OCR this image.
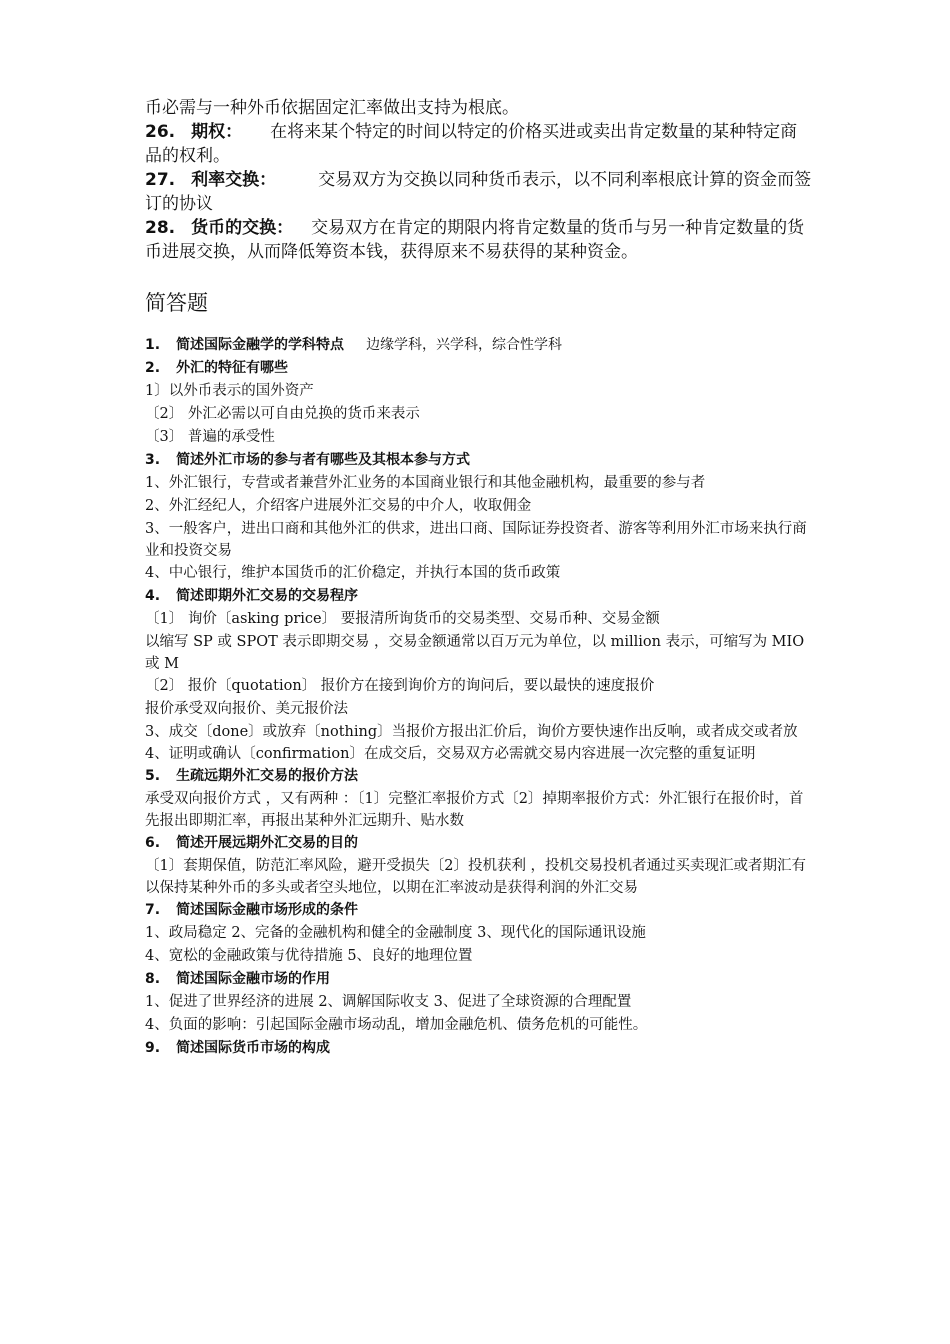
币必需与一种外币依据固定汇率做出支持为根底。

26. 期权： 在将来某个特定的时间以特定的价格买进或卖出肯定数量的某种特定商品的权利。

27. 利率交换： 交易双方为交换以同种货币表示，以不同利率根底计算的资金而签订的协议

28. 货币的交换： 交易双方在肯定的期限内将肯定数量的货币与另一种肯定数量的货币进展交换，从而降低筹资本钱，获得原来不易获得的某种资金。

简答题

1. 简述国际金融学的学科特点 边缘学科，兴学科，综合性学科

2. 外汇的特征有哪些

1〕以外币表示的国外资产

〔2〕 外汇必需以可自由兑换的货币来表示

〔3〕 普遍的承受性

3. 简述外汇市场的参与者有哪些及其根本参与方式

1、外汇银行，专营或者兼营外汇业务的本国商业银行和其他金融机构，最重要的参与者

2、外汇经纪人，介绍客户进展外汇交易的中介人，收取佣金

3、一般客户，进出口商和其他外汇的供求，进出口商、国际证券投资者、游客等利用外汇市场来执行商业和投资交易

4、中心银行，维护本国货币的汇价稳定，并执行本国的货币政策

4. 简述即期外汇交易的交易程序

〔1〕 询价〔asking price〕 要报清所询货币的交易类型、交易币种、交易金额

以缩写 SP 或 SPOT 表示即期交易 ，交易金额通常以百万元为单位，以 million 表示，可缩写为 MIO 或 M

〔2〕 报价〔quotation〕 报价方在接到询价方的询问后，要以最快的速度报价

报价承受双向报价、美元报价法

3、成交〔done〕或放弃〔nothing〕当报价方报出汇价后，询价方要快速作出反响，或者成交或者放

4、证明或确认〔confirmation〕在成交后，交易双方必需就交易内容进展一次完整的重复证明

5. 生疏远期外汇交易的报价方法

承受双向报价方式 ，又有两种 ：〔1〕完整汇率报价方式〔2〕掉期率报价方式：外汇银行在报价时，首先报出即期汇率，再报出某种外汇远期升、贴水数

6. 简述开展远期外汇交易的目的

〔1〕套期保值，防范汇率风险，避开受损失〔2〕投机获利 ，投机交易投机者通过买卖现汇或者期汇有以保持某种外币的多头或者空头地位，以期在汇率波动是获得利润的外汇交易

7. 简述国际金融市场形成的条件

1、政局稳定 2、完备的金融机构和健全的金融制度 3、现代化的国际通讯设施

4、宽松的金融政策与优待措施 5、良好的地理位置

8. 简述国际金融市场的作用

1、促进了世界经济的进展 2、调解国际收支 3、促进了全球资源的合理配置

4、负面的影响：引起国际金融市场动乱，增加金融危机、债务危机的可能性。

9. 简述国际货币市场的构成
